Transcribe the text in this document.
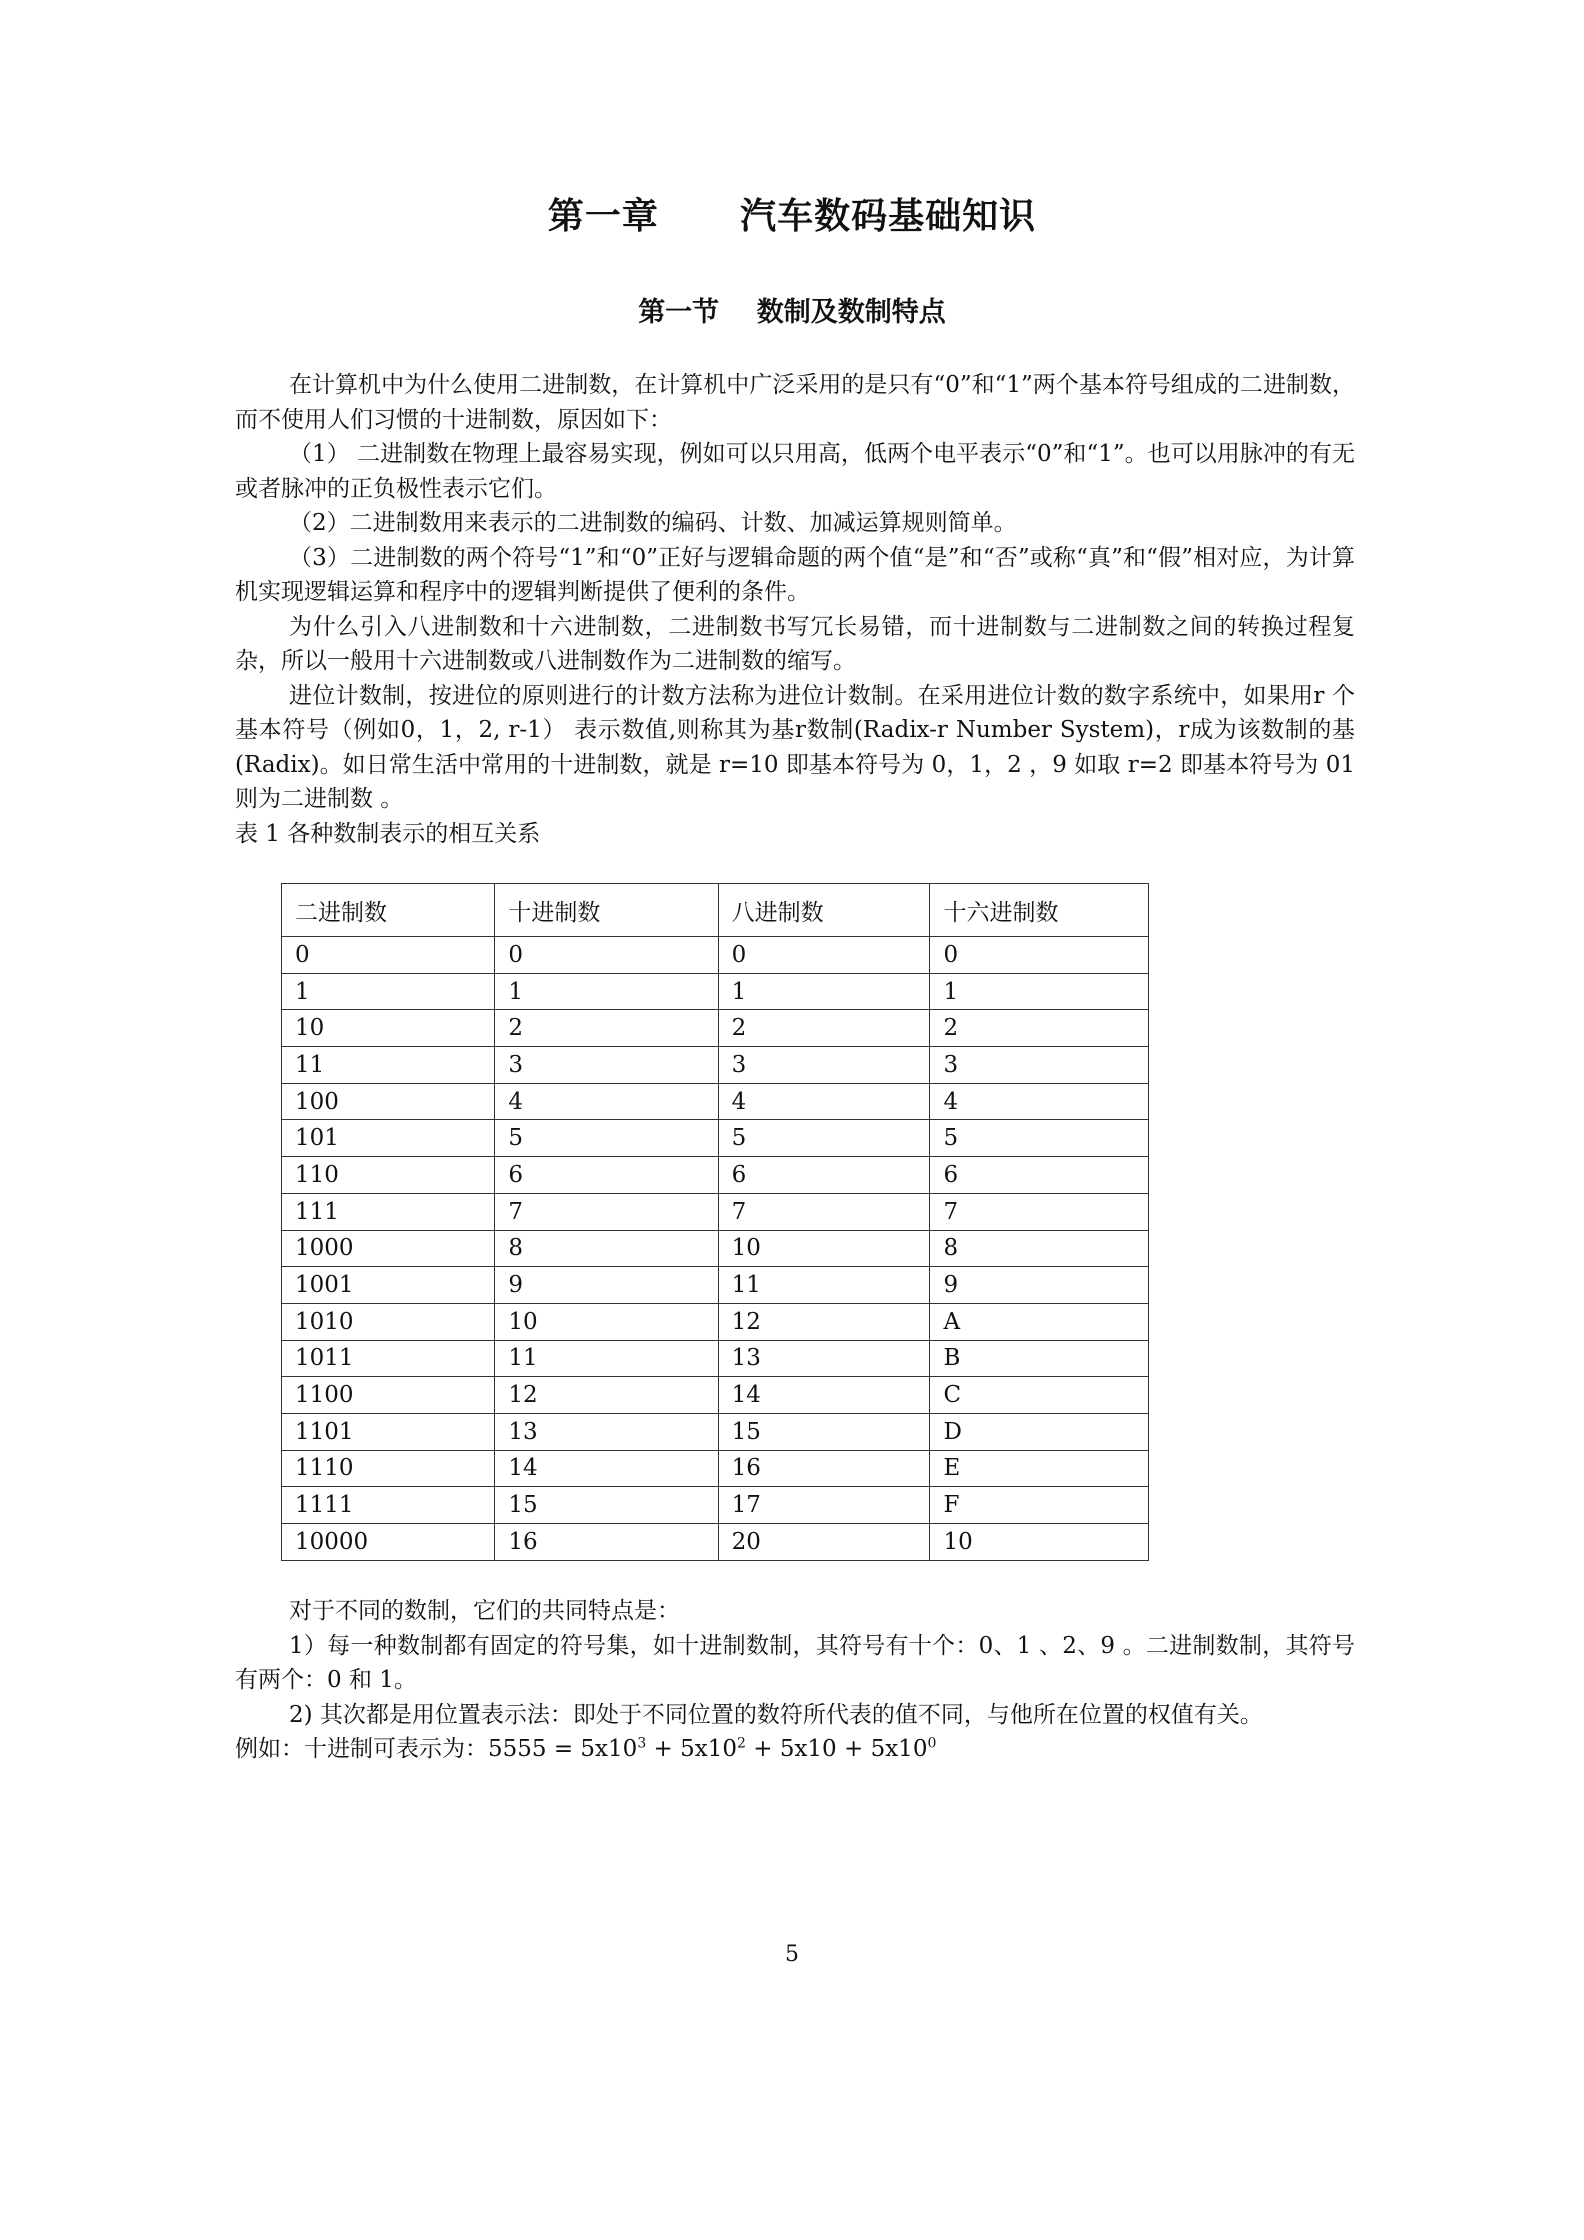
第一章      汽车数码基础知识
第一节    数制及数制特点

在计算机中为什么使用二进制数，在计算机中广泛采用的是只有“0”和“1”两个基本符号组成的二进制数，而不使用人们习惯的十进制数，原因如下：

（1） 二进制数在物理上最容易实现，例如可以只用高，低两个电平表示“0”和“1”。也可以用脉冲的有无或者脉冲的正负极性表示它们。

（2）二进制数用来表示的二进制数的编码、计数、加减运算规则简单。

（3）二进制数的两个符号“1”和“0”正好与逻辑命题的两个值“是”和“否”或称“真”和“假”相对应，为计算机实现逻辑运算和程序中的逻辑判断提供了便利的条件。

为什么引入八进制数和十六进制数，二进制数书写冗长易错，而十进制数与二进制数之间的转换过程复杂，所以一般用十六进制数或八进制数作为二进制数的缩写。

进位计数制，按进位的原则进行的计数方法称为进位计数制。在采用进位计数的数字系统中，如果用r 个基本符号（例如0，1，2, r-1） 表示数值,则称其为基r数制(Radix-r Number System)，r成为该数制的基(Radix)。如日常生活中常用的十进制数，就是 r=10 即基本符号为 0，1，2 ，9 如取 r=2 即基本符号为 01 则为二进制数 。

表 1 各种数制表示的相互关系

二进制数	十进制数	八进制数	十六进制数
0	0	0	0
1	1	1	1
10	2	2	2
11	3	3	3
100	4	4	4
101	5	5	5
110	6	6	6
111	7	7	7
1000	8	10	8
1001	9	11	9
1010	10	12	A
1011	11	13	B
1100	12	14	C
1101	13	15	D
1110	14	16	E
1111	15	17	F
10000	16	20	10

对于不同的数制，它们的共同特点是：

1）每一种数制都有固定的符号集，如十进制数制，其符号有十个：0、1 、2、9 。二进制数制，其符号有两个：0 和 1。

2) 其次都是用位置表示法：即处于不同位置的数符所代表的值不同，与他所在位置的权值有关。

例如：十进制可表示为：$5555 = 5x10^3 + 5x10^2 + 5x10 + 5x10^0$

5
